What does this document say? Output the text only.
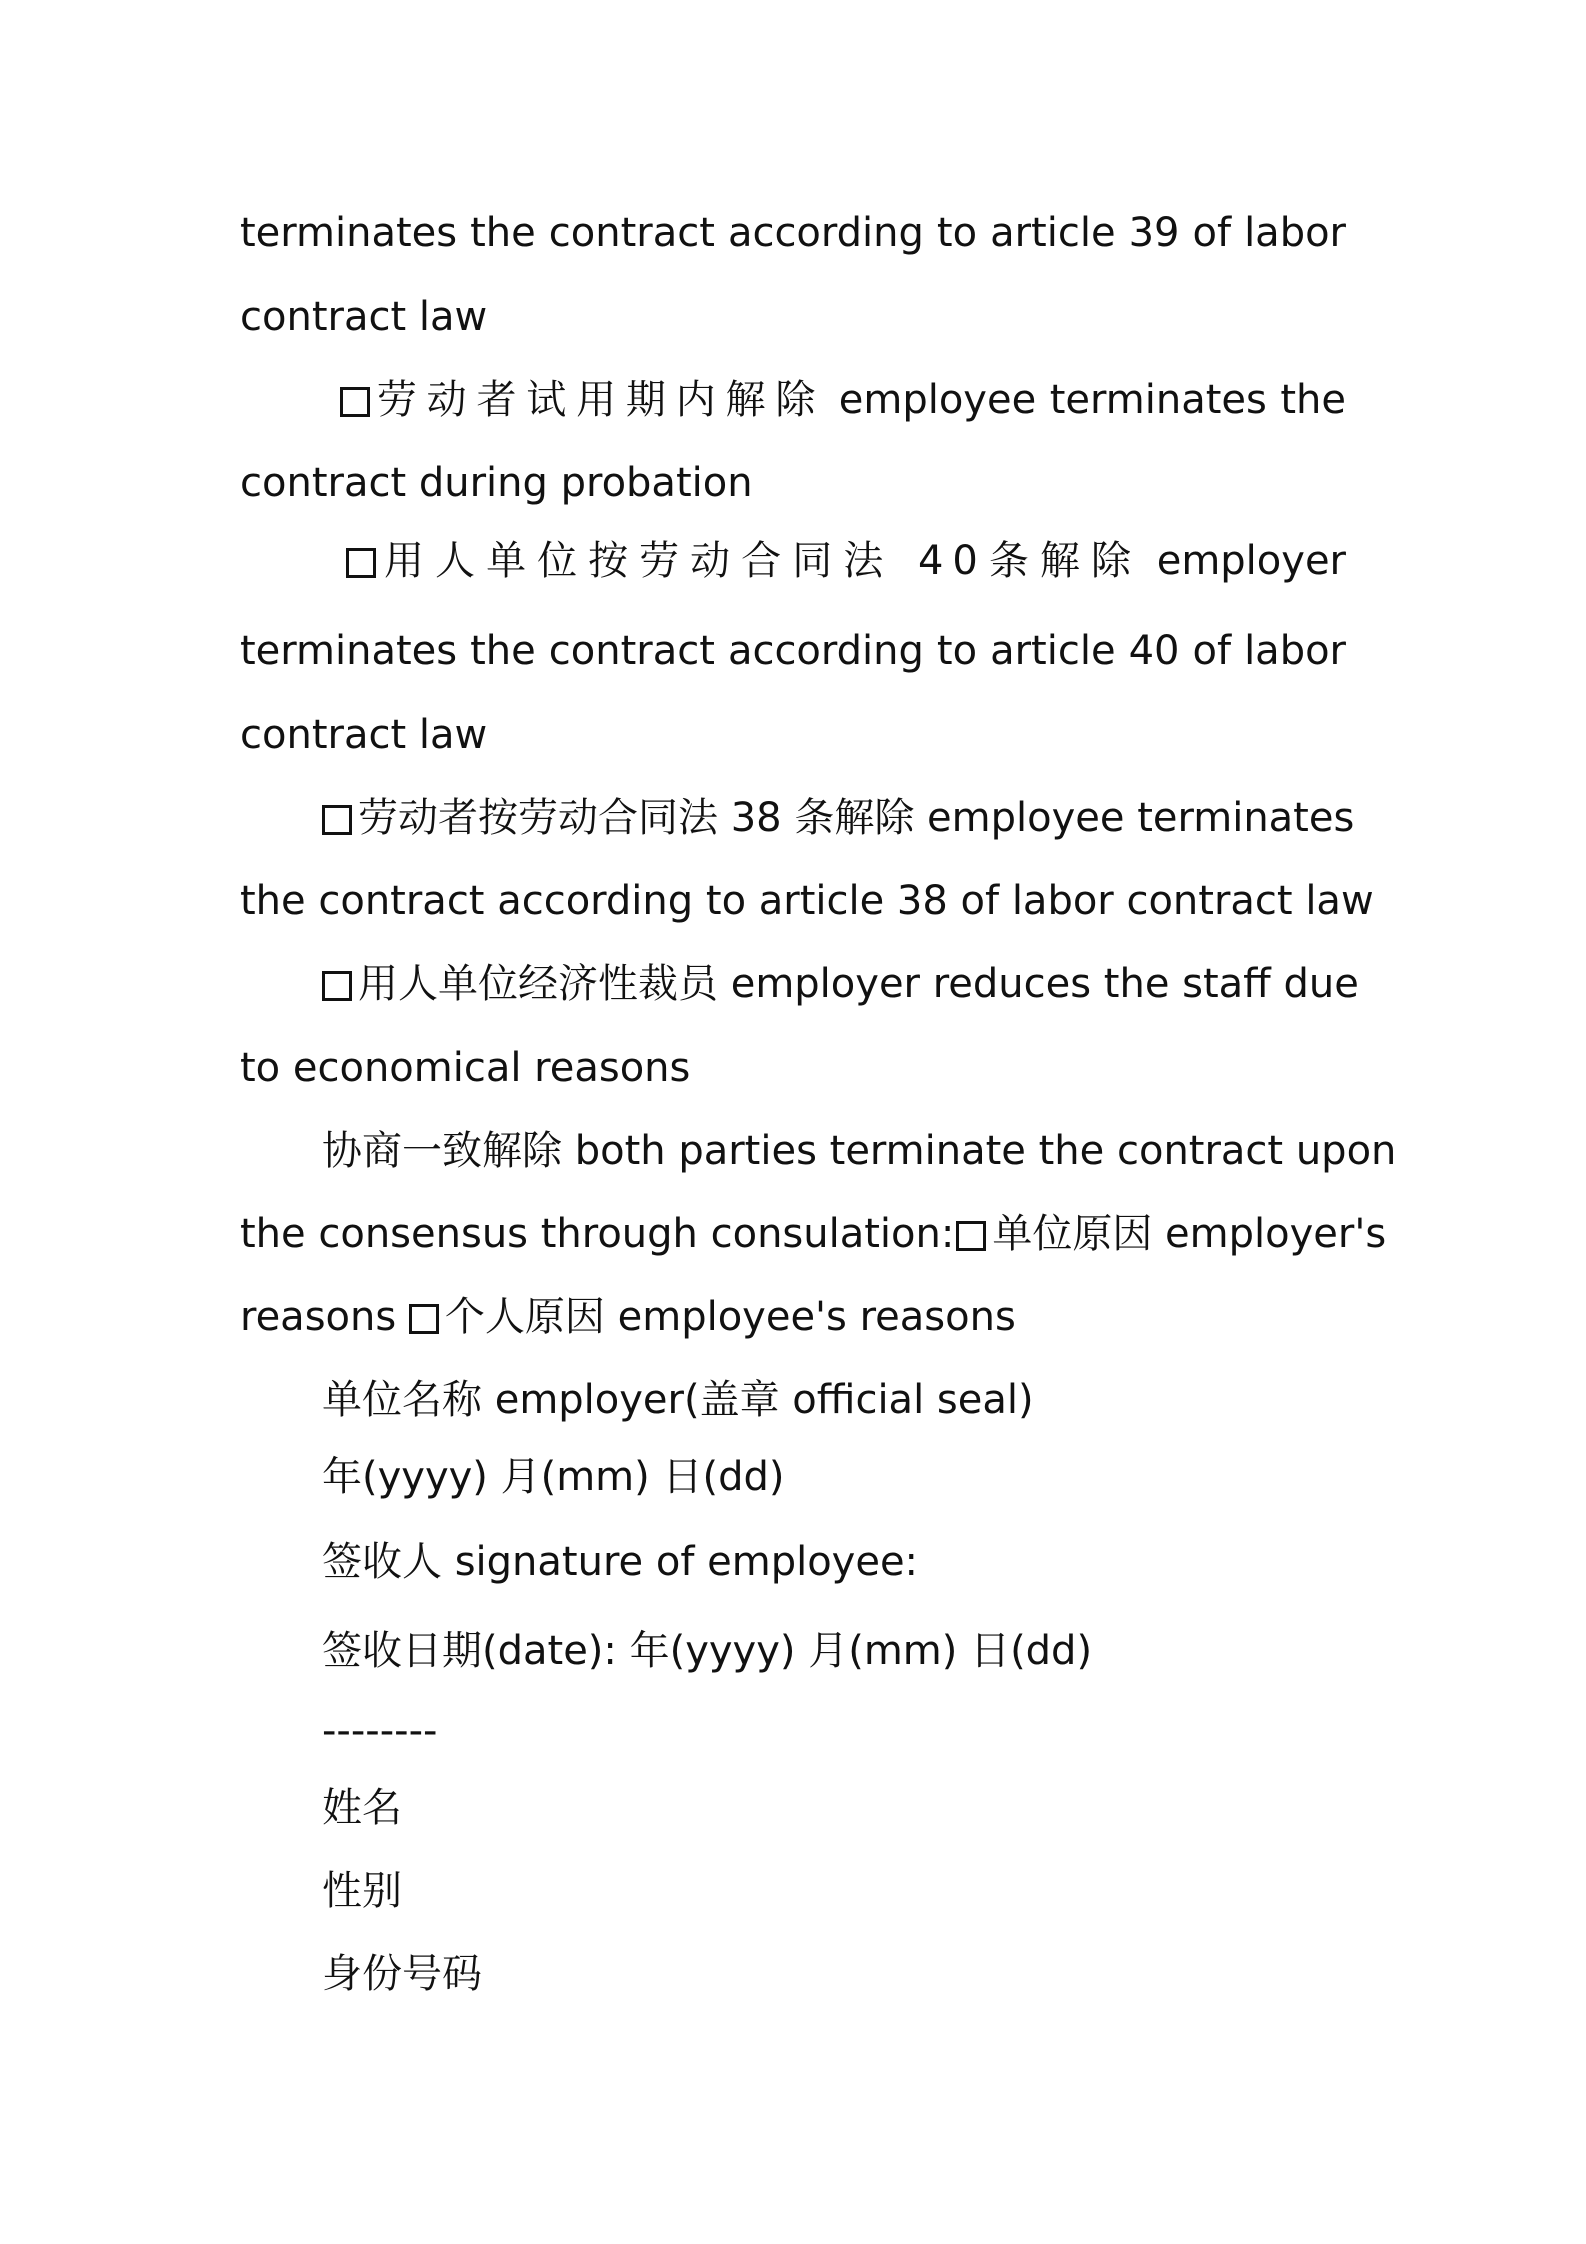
terminates the contract according to article 39 of labor
contract law
劳动者试用期内解除 employee terminates the
contract during probation
用人单位按劳动合同法 40条解除 employer
terminates the contract according to article 40 of labor
contract law
劳动者按劳动合同法 38 条解除 employee terminates
the contract according to article 38 of labor contract law
用人单位经济性裁员 employer reduces the staff due
to economical reasons
协商一致解除 both parties terminate the contract upon
the consensus through consulation: 单位原因 employer's
reasons 个人原因 employee's reasons
单位名称 employer(盖章 official seal)
年(yyyy) 月(mm) 日(dd)
签收人 signature of employee:
签收日期(date): 年(yyyy) 月(mm) 日(dd)
--------
姓名
性别
身份号码
